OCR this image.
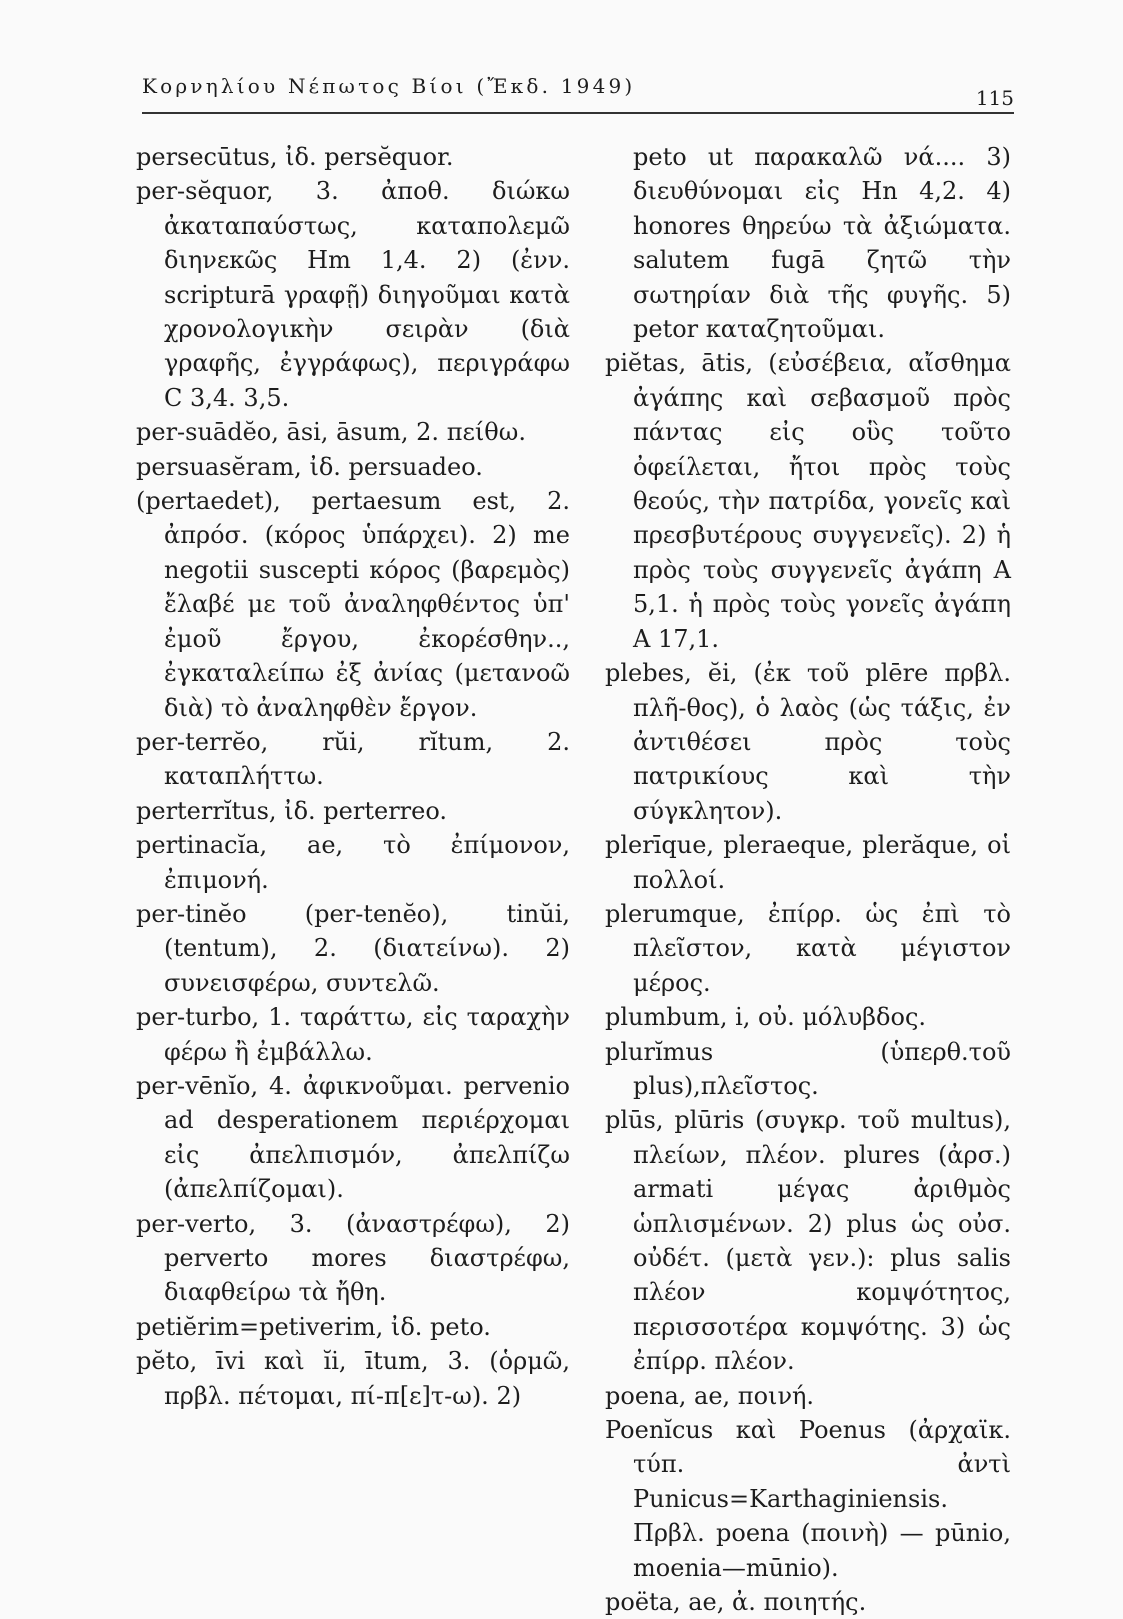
Κορνηλίου Νέπωτος Βίοι (Ἔκδ. 1949)	115
persecūtus, ἰδ. persĕquor.
per-sĕquor, 3. ἀποθ. διώκω ἀκαταπαύστως, καταπολεμῶ διηνεκῶς Hm 1,4. 2) (ἐνν. scripturā γραφῇ) διηγοῦμαι κατὰ χρονολογικὴν σειρὰν (διὰ γραφῆς, ἐγγράφως), περιγράφω C 3,4. 3,5.
per-suādĕo, āsi, āsum, 2. πείθω.
persuasĕram, ἰδ. persuadeo.
(pertaedet), pertaesum est, 2. ἀπρόσ. (κόρος ὑπάρχει). 2) me negotii suscepti κόρος (βαρεμὸς) ἔλαβέ με τοῦ ἀναληφθέντος ὑπ' ἐμοῦ ἔργου, ἐκορέσθην.., ἐγκαταλείπω ἐξ ἀνίας (μετανοῶ διὰ) τὸ ἀναληφθὲν ἔργον.
per-terrĕo, rŭi, rĭtum, 2. καταπλήττω.
perterrĭtus, ἰδ. perterreo.
pertinacĭa, ae, τὸ ἐπίμονον, ἐπιμονή.
per-tinĕo (per-tenĕo), tinŭi, (tentum), 2. (διατείνω). 2) συνεισφέρω, συντελῶ.
per-turbo, 1. ταράττω, εἰς ταραχὴν φέρω ἢ ἐμβάλλω.
per-vēnĭo, 4. ἀφικνοῦμαι. pervenio ad desperationem περιέρχομαι εἰς ἀπελπισμόν, ἀπελπίζω (ἀπελπίζομαι).
per-verto, 3. (ἀναστρέφω), 2) perverto mores διαστρέφω, διαφθείρω τὰ ἤθη.
petiĕrim=petiverim, ἰδ. peto.
pĕto, īvi καὶ ĭi, ītum, 3. (ὁρμῶ, πρβλ. πέτομαι, πί-π[ε]τ-ω). 2)
peto ut παρακαλῶ νά.... 3) διευθύνομαι εἰς Hn 4,2. 4) honores θηρεύω τὰ ἀξιώματα. salutem fugā ζητῶ τὴν σωτηρίαν διὰ τῆς φυγῆς. 5) petor καταζητοῦμαι.
piĕtas, ātis, (εὐσέβεια, αἴσθημα ἀγάπης καὶ σεβασμοῦ πρὸς πάντας εἰς οὓς τοῦτο ὀφείλεται, ἤτοι πρὸς τοὺς θεούς, τὴν πατρίδα, γονεῖς καὶ πρεσβυτέρους συγγενεῖς). 2) ἡ πρὸς τοὺς συγγενεῖς ἀγάπη A 5,1. ἡ πρὸς τοὺς γονεῖς ἀγάπη A 17,1.
plebes, ĕi, (ἐκ τοῦ plēre πρβλ. πλῆ-θος), ὁ λαὸς (ὡς τάξις, ἐν ἀντιθέσει πρὸς τοὺς πατρικίους καὶ τὴν σύγκλητον).
plerīque, pleraeque, plerăque, οἱ πολλοί.
plerumque, ἐπίρρ. ὡς ἐπὶ τὸ πλεῖστον, κατὰ μέγιστον μέρος.
plumbum, i, οὐ. μόλυβδος.
plurĭmus (ὑπερθ.τοῦ plus),πλεῖστος.
plūs, plūris (συγκρ. τοῦ multus), πλείων, πλέον. plures (ἀρσ.) armati μέγας ἀριθμὸς ὡπλισμένων. 2) plus ὡς οὐσ. οὐδέτ. (μετὰ γεν.): plus salis πλέον κομψότητος, περισσοτέρα κομψότης. 3) ὡς ἐπίρρ. πλέον.
poena, ae, ποινή.
Poenĭcus καὶ Poenus (ἀρχαϊκ. τύπ. ἀντὶ Punicus=Karthaginiensis. Πρβλ. poena (ποινὴ) — pūnio, moenia—mūnio).
poëta, ae, ἀ. ποιητής.
